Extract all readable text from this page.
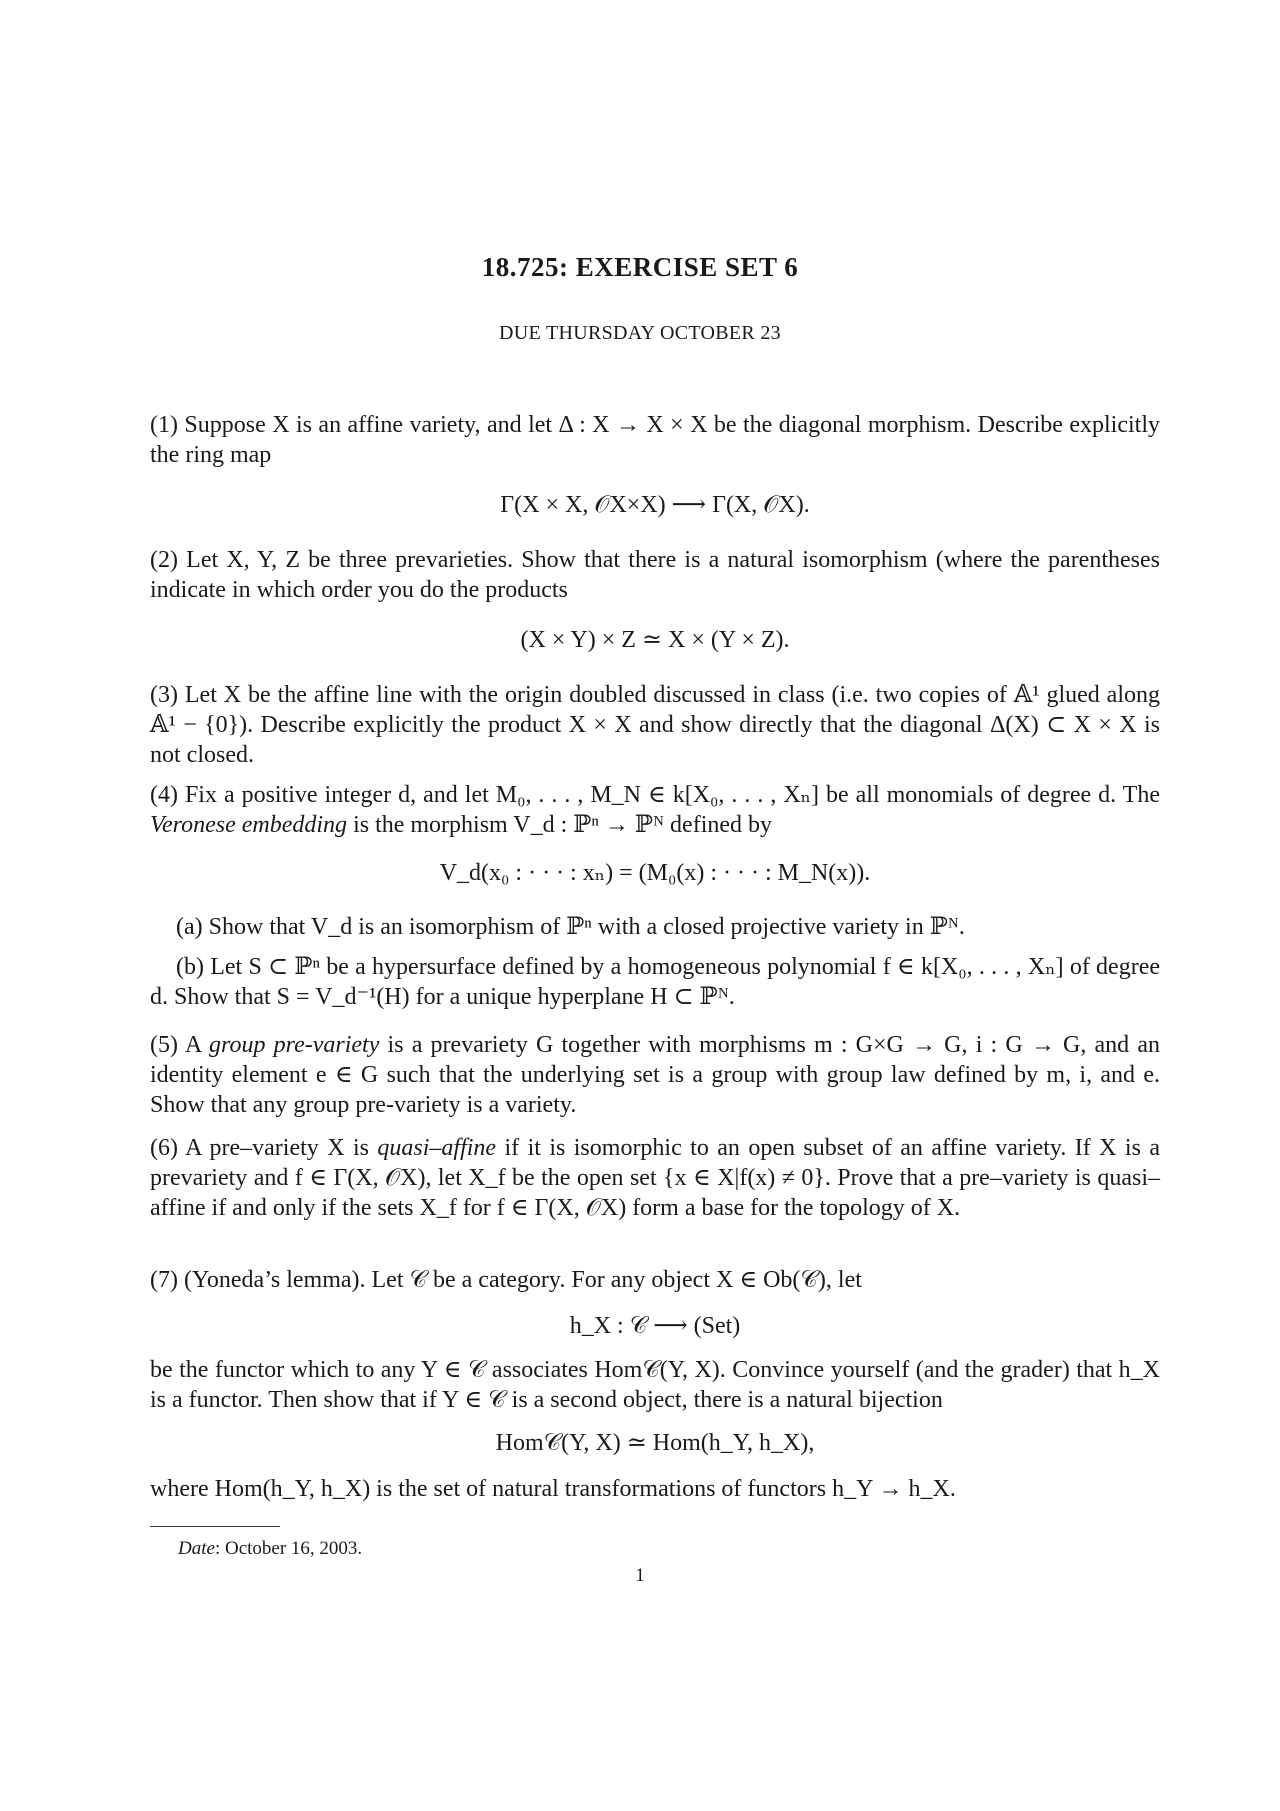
18.725: EXERCISE SET 6
DUE THURSDAY OCTOBER 23
(1) Suppose X is an affine variety, and let Δ : X → X × X be the diagonal morphism. Describe explicitly the ring map
Γ(X × X, 𝒪X×X) ⟶ Γ(X, 𝒪X).
(2) Let X, Y, Z be three prevarieties. Show that there is a natural isomorphism (where the parentheses indicate in which order you do the products
(X × Y) × Z ≃ X × (Y × Z).
(3) Let X be the affine line with the origin doubled discussed in class (i.e. two copies of 𝔸¹ glued along 𝔸¹ − {0}). Describe explicitly the product X × X and show directly that the diagonal Δ(X) ⊂ X × X is not closed.
(4) Fix a positive integer d, and let M₀, . . . , M_N ∈ k[X₀, . . . , Xₙ] be all monomials of degree d. The Veronese embedding is the morphism V_d : ℙⁿ → ℙᴺ defined by
V_d(x₀ : · · · : xₙ) = (M₀(x) : · · · : M_N(x)).
(a) Show that V_d is an isomorphism of ℙⁿ with a closed projective variety in ℙᴺ.
(b) Let S ⊂ ℙⁿ be a hypersurface defined by a homogeneous polynomial f ∈ k[X₀, . . . , Xₙ] of degree d. Show that S = V_d⁻¹(H) for a unique hyperplane H ⊂ ℙᴺ.
(5) A group pre-variety is a prevariety G together with morphisms m : G×G → G, i : G → G, and an identity element e ∈ G such that the underlying set is a group with group law defined by m, i, and e. Show that any group pre-variety is a variety.
(6) A pre–variety X is quasi–affine if it is isomorphic to an open subset of an affine variety. If X is a prevariety and f ∈ Γ(X, 𝒪X), let X_f be the open set {x ∈ X|f(x) ≠ 0}. Prove that a pre–variety is quasi–affine if and only if the sets X_f for f ∈ Γ(X, 𝒪X) form a base for the topology of X.
(7) (Yoneda’s lemma). Let 𝒞 be a category. For any object X ∈ Ob(𝒞), let
h_X : 𝒞 ⟶ (Set)
be the functor which to any Y ∈ 𝒞 associates Hom𝒞(Y, X). Convince yourself (and the grader) that h_X is a functor. Then show that if Y ∈ 𝒞 is a second object, there is a natural bijection
Hom𝒞(Y, X) ≃ Hom(h_Y, h_X),
where Hom(h_Y, h_X) is the set of natural transformations of functors h_Y → h_X.
Date: October 16, 2003.
1
